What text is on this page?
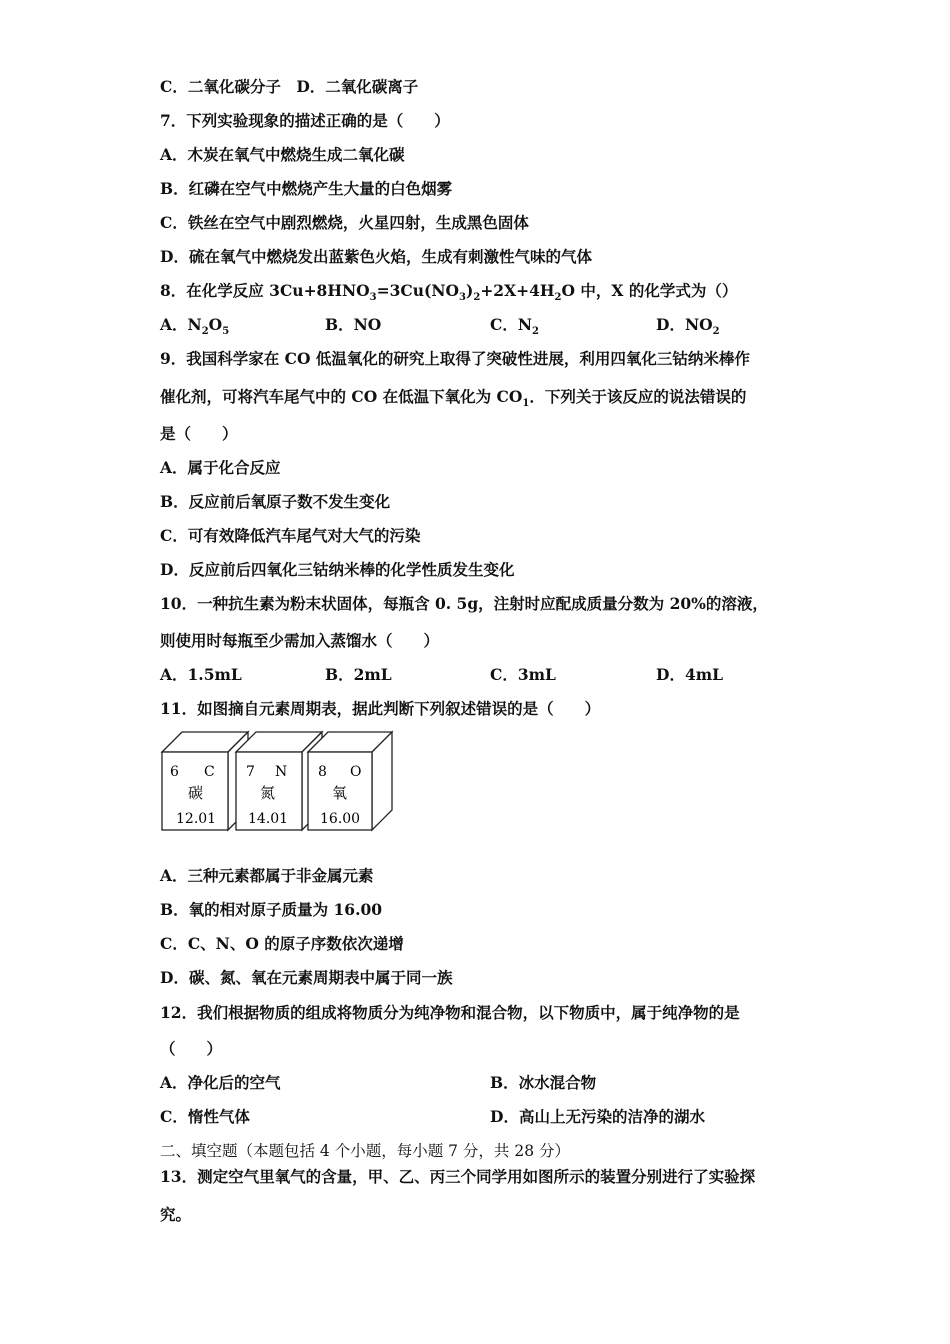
C．二氧化碳分子　D．二氧化碳离子
7．下列实验现象的描述正确的是（　　）
A．木炭在氧气中燃烧生成二氧化碳
B．红磷在空气中燃烧产生大量的白色烟雾
C．铁丝在空气中剧烈燃烧，火星四射，生成黑色固体
D．硫在氧气中燃烧发出蓝紫色火焰，生成有刺激性气味的气体
8．在化学反应 $3Cu+8HNO_3=3Cu(NO_3)_2+2X+4H_2O$ 中，X 的化学式为（）
A．$N_2O_5$	B．NO	C．$N_2$	D．$NO_2$
9．我国科学家在 CO 低温氧化的研究上取得了突破性进展，利用四氧化三钴纳米棒作
催化剂，可将汽车尾气中的 CO 在低温下氧化为 $CO_1$．下列关于该反应的说法错误的
是（　　）
A．属于化合反应
B．反应前后氧原子数不发生变化
C．可有效降低汽车尾气对大气的污染
D．反应前后四氧化三钴纳米棒的化学性质发生变化
10．一种抗生素为粉末状固体，每瓶含 0. 5g，注射时应配成质量分数为 20%的溶液，
则使用时每瓶至少需加入蒸馏水（　　）
A．1.5mL	B．2mL	C．3mL	D．4mL
11．如图摘自元素周期表，据此判断下列叙述错误的是（　　）
6 C
碳
12.01
7 N
氮
14.01
8 O
氧
16.00
A．三种元素都属于非金属元素
B．氧的相对原子质量为 16.00
C．C、N、O 的原子序数依次递增
D．碳、氮、氧在元素周期表中属于同一族
12．我们根据物质的组成将物质分为纯净物和混合物，以下物质中，属于纯净物的是
（　　）
A．净化后的空气	B．冰水混合物
C．惰性气体	D．高山上无污染的洁净的湖水
二、填空题（本题包括 4 个小题，每小题 7 分，共 28 分）
13．测定空气里氧气的含量，甲、乙、丙三个同学用如图所示的装置分别进行了实验探
究。
